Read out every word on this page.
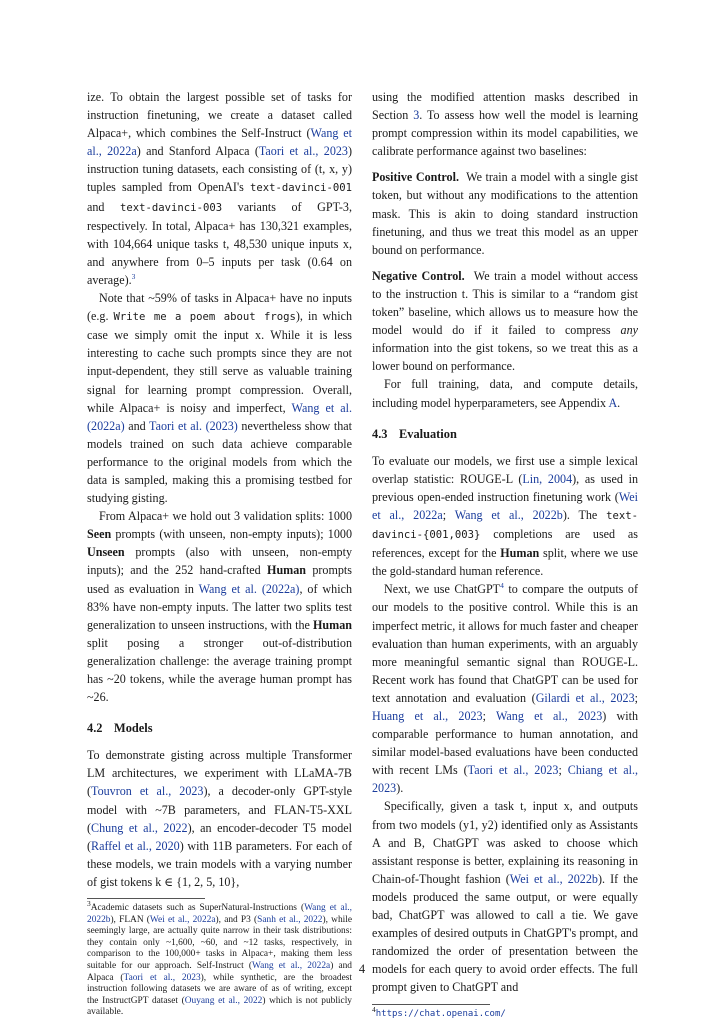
ize. To obtain the largest possible set of tasks for instruction finetuning, we create a dataset called Alpaca+, which combines the Self-Instruct (Wang et al., 2022a) and Stanford Alpaca (Taori et al., 2023) instruction tuning datasets, each consisting of (t, x, y) tuples sampled from OpenAI's text-davinci-001 and text-davinci-003 variants of GPT-3, respectively. In total, Alpaca+ has 130,321 examples, with 104,664 unique tasks t, 48,530 unique inputs x, and anywhere from 0–5 inputs per task (0.64 on average).$^3$

Note that ~59% of tasks in Alpaca+ have no inputs (e.g. Write me a poem about frogs), in which case we simply omit the input x. While it is less interesting to cache such prompts since they are not input-dependent, they still serve as valuable training signal for learning prompt compression. Overall, while Alpaca+ is noisy and imperfect, Wang et al. (2022a) and Taori et al. (2023) nevertheless show that models trained on such data achieve comparable performance to the original models from which the data is sampled, making this a promising testbed for studying gisting.

From Alpaca+ we hold out 3 validation splits: 1000 Seen prompts (with unseen, non-empty inputs); 1000 Unseen prompts (also with unseen, non-empty inputs); and the 252 hand-crafted Human prompts used as evaluation in Wang et al. (2022a), of which 83% have non-empty inputs. The latter two splits test generalization to unseen instructions, with the Human split posing a stronger out-of-distribution generalization challenge: the average training prompt has ~20 tokens, while the average human prompt has ~26.

4.2 Models

To demonstrate gisting across multiple Transformer LM architectures, we experiment with LLaMA-7B (Touvron et al., 2023), a decoder-only GPT-style model with ~7B parameters, and FLAN-T5-XXL (Chung et al., 2022), an encoder-decoder T5 model (Raffel et al., 2020) with 11B parameters. For each of these models, we train models with a varying number of gist tokens k ∈ {1, 2, 5, 10},

$^3$Academic datasets such as SuperNatural-Instructions (Wang et al., 2022b), FLAN (Wei et al., 2022a), and P3 (Sanh et al., 2022), while seemingly large, are actually quite narrow in their task distributions: they contain only ~1,600, ~60, and ~12 tasks, respectively, in comparison to the 100,000+ tasks in Alpaca+, making them less suitable for our approach. Self-Instruct (Wang et al., 2022a) and Alpaca (Taori et al., 2023), while synthetic, are the broadest instruction following datasets we are aware of as of writing, except the InstructGPT dataset (Ouyang et al., 2022) which is not publicly available.

using the modified attention masks described in Section 3. To assess how well the model is learning prompt compression within its model capabilities, we calibrate performance against two baselines:

Positive Control. We train a model with a single gist token, but without any modifications to the attention mask. This is akin to doing standard instruction finetuning, and thus we treat this model as an upper bound on performance.

Negative Control. We train a model without access to the instruction t. This is similar to a “random gist token” baseline, which allows us to measure how the model would do if it failed to compress any information into the gist tokens, so we treat this as a lower bound on performance.

For full training, data, and compute details, including model hyperparameters, see Appendix A.

4.3 Evaluation

To evaluate our models, we first use a simple lexical overlap statistic: ROUGE-L (Lin, 2004), as used in previous open-ended instruction finetuning work (Wei et al., 2022a; Wang et al., 2022b). The text-davinci-{001,003} completions are used as references, except for the Human split, where we use the gold-standard human reference.

Next, we use ChatGPT$^4$ to compare the outputs of our models to the positive control. While this is an imperfect metric, it allows for much faster and cheaper evaluation than human experiments, with an arguably more meaningful semantic signal than ROUGE-L. Recent work has found that ChatGPT can be used for text annotation and evaluation (Gilardi et al., 2023; Huang et al., 2023; Wang et al., 2023) with comparable performance to human annotation, and similar model-based evaluations have been conducted with recent LMs (Taori et al., 2023; Chiang et al., 2023).

Specifically, given a task t, input x, and outputs from two models (y1, y2) identified only as Assistants A and B, ChatGPT was asked to choose which assistant response is better, explaining its reasoning in Chain-of-Thought fashion (Wei et al., 2022b). If the models produced the same output, or were equally bad, ChatGPT was allowed to call a tie. We gave examples of desired outputs in ChatGPT's prompt, and randomized the order of presentation between the models for each query to avoid order effects. The full prompt given to ChatGPT and

$^4$https://chat.openai.com/

4
